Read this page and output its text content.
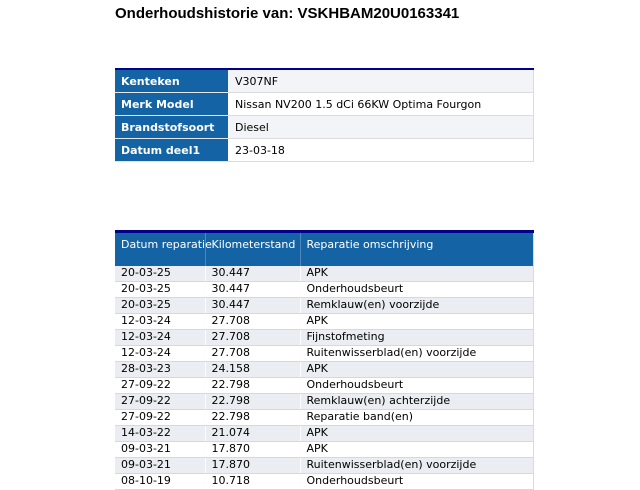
Onderhoudshistorie van: VSKHBAM20U0163341
Kenteken	V307NF
Merk Model	Nissan NV200 1.5 dCi 66KW Optima Fourgon
Brandstofsoort	Diesel
Datum deel1	23-03-18
Datum reparatie	Kilometerstand	Reparatie omschrijving
20-03-25	30.447	APK
20-03-25	30.447	Onderhoudsbeurt
20-03-25	30.447	Remklauw(en) voorzijde
12-03-24	27.708	APK
12-03-24	27.708	Fijnstofmeting
12-03-24	27.708	Ruitenwisserblad(en) voorzijde
28-03-23	24.158	APK
27-09-22	22.798	Onderhoudsbeurt
27-09-22	22.798	Remklauw(en) achterzijde
27-09-22	22.798	Reparatie band(en)
14-03-22	21.074	APK
09-03-21	17.870	APK
09-03-21	17.870	Ruitenwisserblad(en) voorzijde
08-10-19	10.718	Onderhoudsbeurt
